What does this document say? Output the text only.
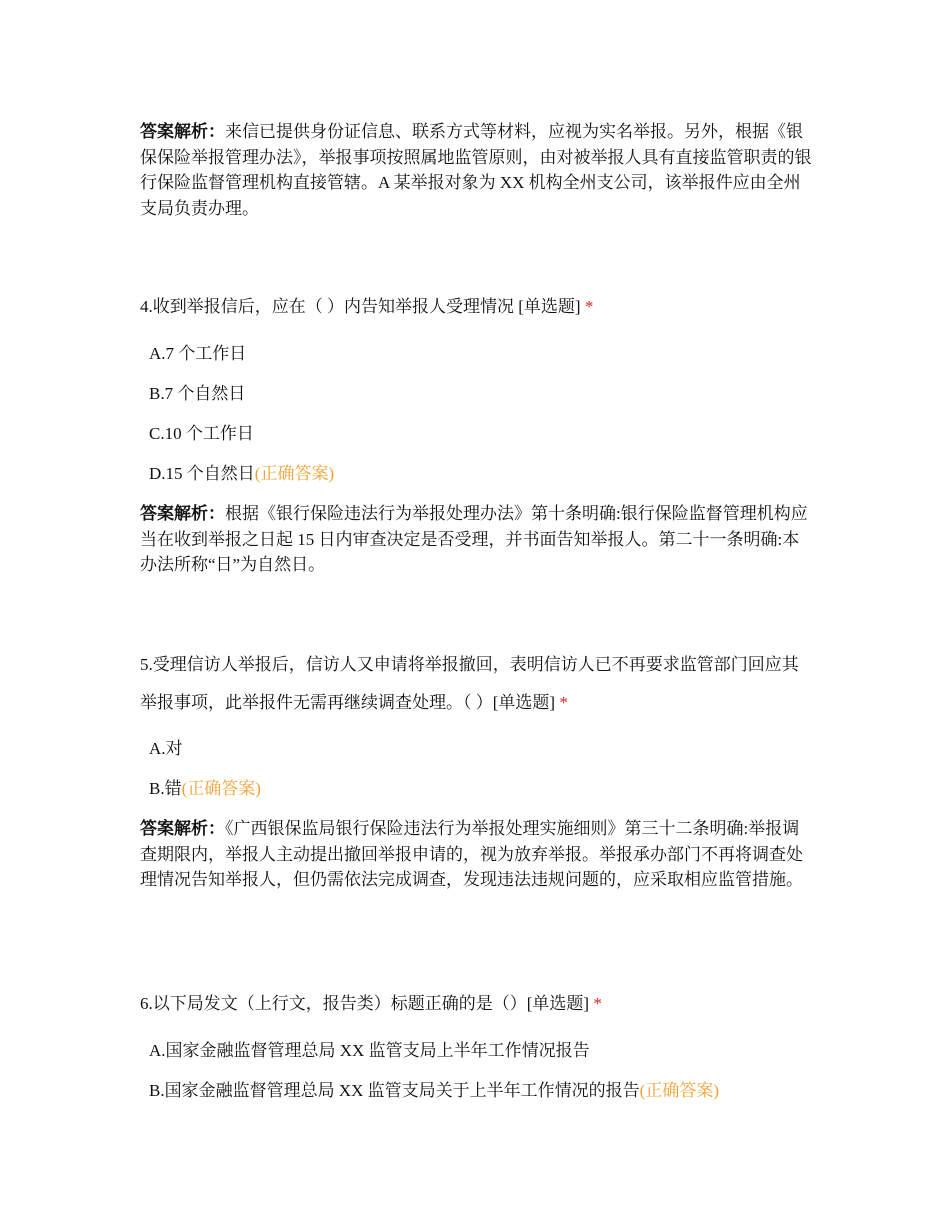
答案解析：来信已提供身份证信息、联系方式等材料，应视为实名举报。另外，根据《银保保险举报管理办法》，举报事项按照属地监管原则，由对被举报人具有直接监管职责的银行保险监督管理机构直接管辖。A 某举报对象为 XX 机构全州支公司，该举报件应由全州支局负责办理。
4.收到举报信后，应在（ ）内告知举报人受理情况 [单选题] *
A.7 个工作日
B.7 个自然日
C.10 个工作日
D.15 个自然日(正确答案)
答案解析：根据《银行保险违法行为举报处理办法》第十条明确:银行保险监督管理机构应当在收到举报之日起 15 日内审查决定是否受理，并书面告知举报人。第二十一条明确:本办法所称“日”为自然日。
5.受理信访人举报后，信访人又申请将举报撤回，表明信访人已不再要求监管部门回应其举报事项，此举报件无需再继续调查处理。（ ）[单选题] *
A.对
B.错(正确答案)
答案解析：《广西银保监局银行保险违法行为举报处理实施细则》第三十二条明确:举报调查期限内，举报人主动提出撤回举报申请的，视为放弃举报。举报承办部门不再将调查处理情况告知举报人，但仍需依法完成调查，发现违法违规问题的，应采取相应监管措施。
6.以下局发文（上行文，报告类）标题正确的是（）[单选题] *
A.国家金融监督管理总局 XX 监管支局上半年工作情况报告
B.国家金融监督管理总局 XX 监管支局关于上半年工作情况的报告(正确答案)
